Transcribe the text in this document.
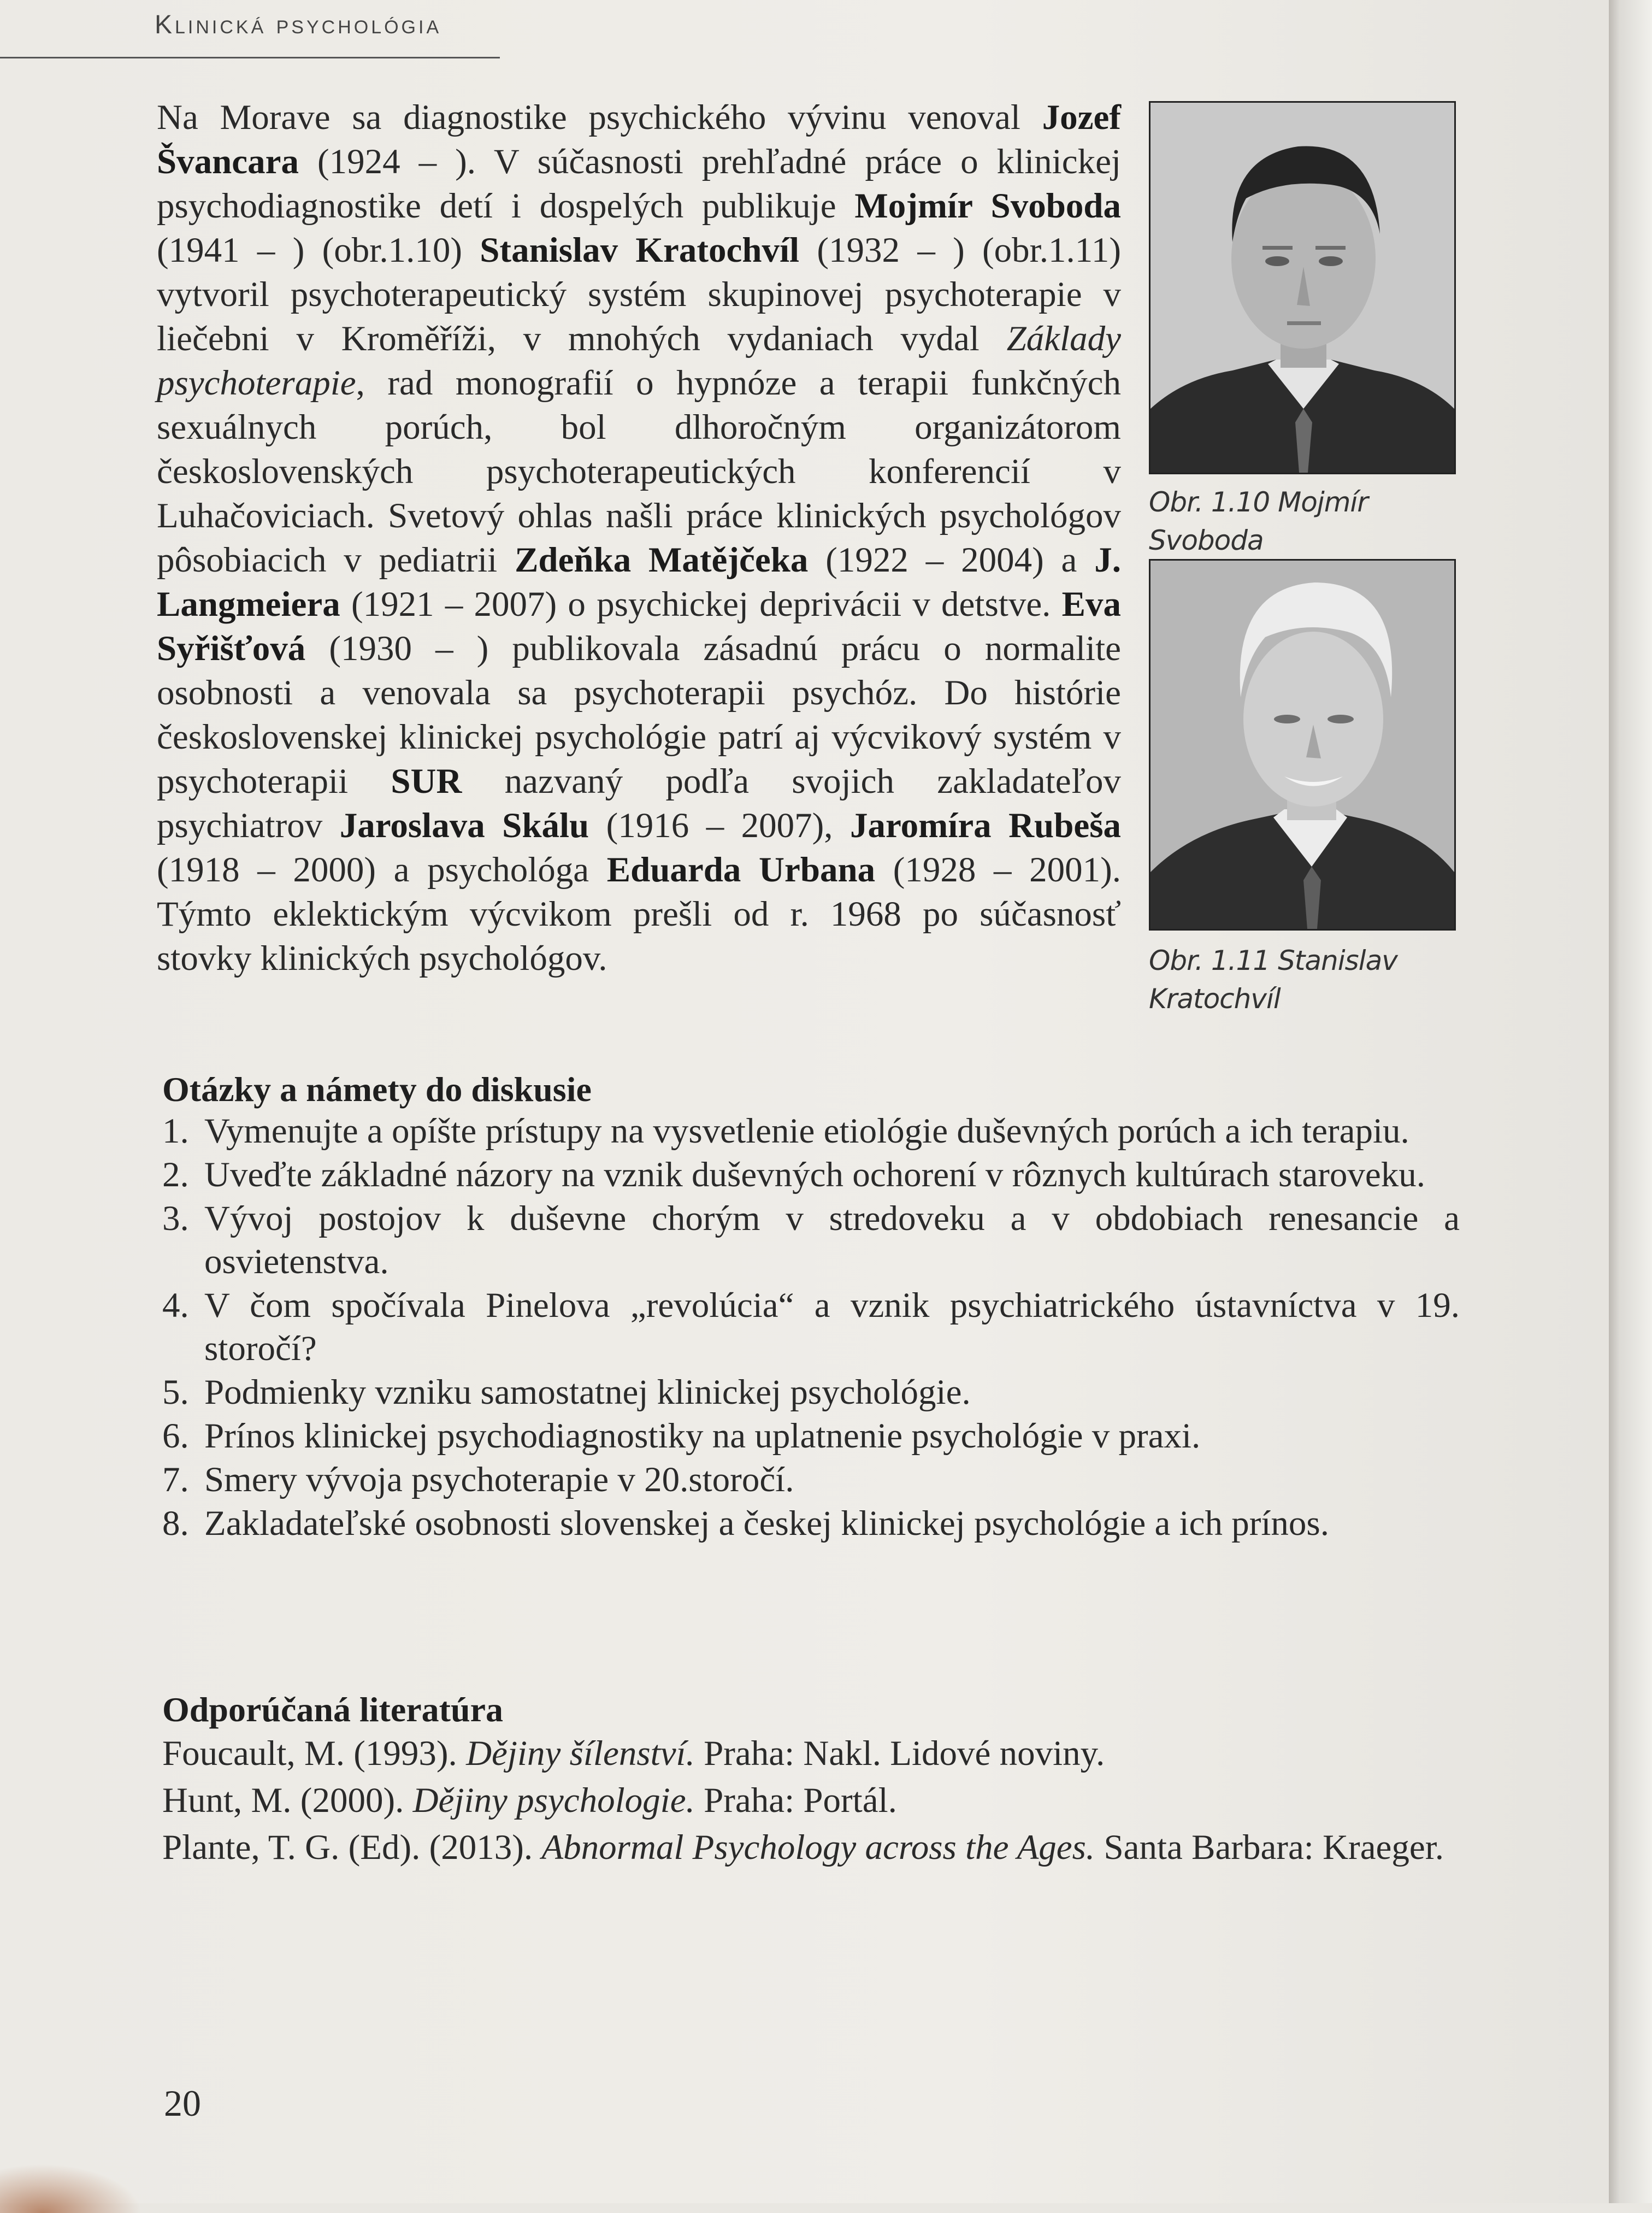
Klinická psychológia
Na Morave sa diagnostike psychického vývinu venoval Jozef Švancara (1924 – ). V súčasnosti prehľadné práce o klinickej psychodiagnostike detí i dospelých publikuje Mojmír Svoboda (1941 – ) (obr.1.10) Stanislav Kratochvíl (1932 – ) (obr.1.11) vytvoril psychoterapeutický systém skupinovej psychoterapie v liečebni v Kroměříži, v mnohých vydaniach vydal Základy psychoterapie, rad monografií o hypnóze a terapii funkčných sexuálnych porúch, bol dlhoročným organizátorom československých psychoterapeutických konferencií v Luhačoviciach. Svetový ohlas našli práce klinických psychológov pôsobiacich v pediatrii Zdeňka Matějčeka (1922 – 2004) a J. Langmeiera (1921 – 2007) o psychickej deprivácii v detstve. Eva Syřišťová (1930 – ) publikovala zásadnú prácu o normalite osobnosti a venovala sa psychoterapii psychóz. Do histórie československej klinickej psychológie patrí aj výcvikový systém v psychoterapii SUR nazvaný podľa svojich zakladateľov psychiatrov Jaroslava Skálu (1916 – 2007), Jaromíra Rubeša (1918 – 2000) a psychológa Eduarda Urbana (1928 – 2001). Týmto eklektickým výcvikom prešli od r. 1968 po súčasnosť stovky klinických psychológov.
Obr. 1.10 Mojmír Svoboda
Obr. 1.11 Stanislav Kratochvíl
Otázky a námety do diskusie
1. Vymenujte a opíšte prístupy na vysvetlenie etiológie duševných porúch a ich terapiu.
2. Uveďte základné názory na vznik duševných ochorení v rôznych kultúrach staroveku.
3. Vývoj postojov k duševne chorým v stredoveku a v obdobiach renesancie a osvietenstva.
4. V čom spočívala Pinelova „revolúcia“ a vznik psychiatrického ústavníctva v 19. storočí?
5. Podmienky vzniku samostatnej klinickej psychológie.
6. Prínos klinickej psychodiagnostiky na uplatnenie psychológie v praxi.
7. Smery vývoja psychoterapie v 20.storočí.
8. Zakladateľské osobnosti slovenskej a českej klinickej psychológie a ich prínos.
Odporúčaná literatúra
Foucault, M. (1993). Dějiny šílenství. Praha: Nakl. Lidové noviny.
Hunt, M. (2000). Dějiny psychologie. Praha: Portál.
Plante, T. G. (Ed). (2013). Abnormal Psychology across the Ages. Santa Barbara: Kraeger.
20
